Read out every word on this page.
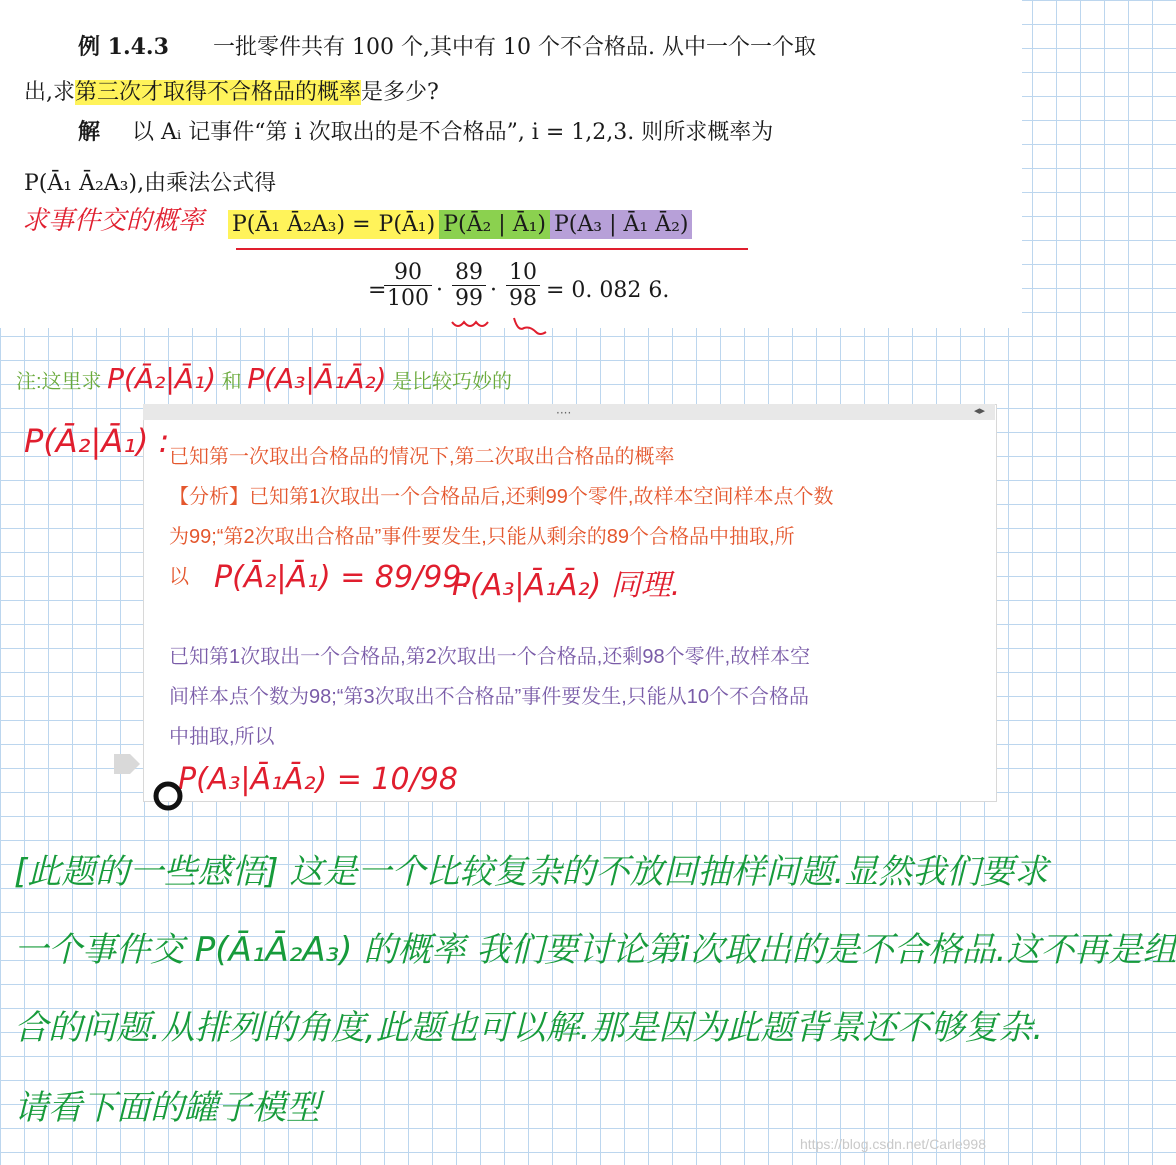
例 1.4.3 一批零件共有 100 个,其中有 10 个不合格品. 从中一个一个取
出,求第三次才取得不合格品的概率是多少?
解 以 Aᵢ 记事件“第 i 次取出的是不合格品”, i = 1,2,3. 则所求概率为
P(Ā₁ Ā₂A₃),由乘法公式得
求事件交的概率 P(Ā₁ Ā₂A₃) = P(Ā₁) P(Ā₂ | Ā₁) P(A₃ | Ā₁ Ā₂)
=
$\frac{90}{100} \cdot \frac{89}{99} \cdot \frac{10}{98} = 0$. 082 6.
注:这里求 P(Ā₂|Ā₁) 和 P(A₃|Ā₁Ā₂) 是比较巧妙的
····	◂▸
P(Ā₂|Ā₁) : 已知第一次取出合格品的情况下,第二次取出合格品的概率
【分析】已知第1次取出一个合格品后,还剩99个零件,故样本空间样本点个数
为99;“第2次取出合格品”事件要发生,只能从剩余的89个合格品中抽取,所
以 P(Ā₂|Ā₁) = 89/99.
P(A₃|Ā₁Ā₂) 同理.
已知第1次取出一个合格品,第2次取出一个合格品,还剩98个零件,故样本空
间样本点个数为98;“第3次取出不合格品”事件要发生,只能从10个不合格品
中抽取,所以
P(A₃|Ā₁Ā₂) = 10/98
[此题的一些感悟] 这是一个比较复杂的不放回抽样问题.显然我们要求
一个事件交 P(Ā₁Ā₂A₃) 的概率 我们要讨论第i次取出的是不合格品.这不再是组
合的问题.从排列的角度,此题也可以解.那是因为此题背景还不够复杂.
请看下面的罐子模型
https://blog.csdn.net/Carle998
